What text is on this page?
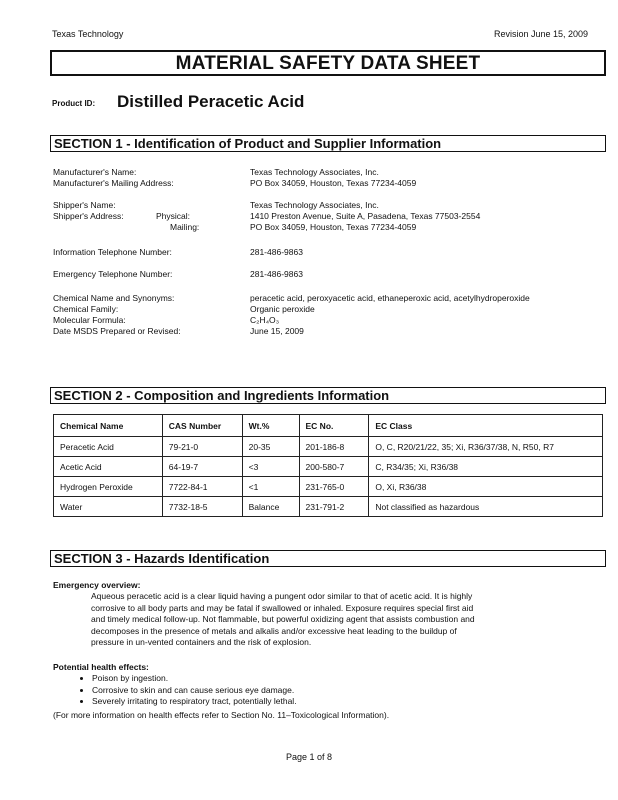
Texas Technology	Revision June 15, 2009
MATERIAL SAFETY DATA SHEET
Product ID: Distilled Peracetic Acid
SECTION 1 - Identification of Product and Supplier Information
Manufacturer's Name:	Texas Technology Associates, Inc.
Manufacturer's Mailing Address:	PO Box 34059, Houston, Texas 77234-4059
Shipper's Name:	Texas Technology Associates, Inc.
Shipper's Address:	Physical:	1410 Preston Avenue, Suite A, Pasadena, Texas 77503-2554
Mailing:	PO Box 34059, Houston, Texas 77234-4059
Information Telephone Number:	281-486-9863
Emergency Telephone Number:	281-486-9863
Chemical Name and Synonyms:	peracetic acid, peroxyacetic acid, ethaneperoxic acid, acetylhydroperoxide
Chemical Family:	Organic peroxide
Molecular Formula:	C₂H₄O₃
Date MSDS Prepared or Revised:	June 15, 2009
SECTION 2 - Composition and Ingredients Information
Chemical Name	CAS Number	Wt.%	EC No.	EC Class
Peracetic Acid	79-21-0	20-35	201-186-8	O, C, R20/21/22, 35; Xi, R36/37/38, N, R50, R7
Acetic Acid	64-19-7	<3	200-580-7	C, R34/35; Xi, R36/38
Hydrogen Peroxide	7722-84-1	<1	231-765-0	O, Xi, R36/38
Water	7732-18-5	Balance	231-791-2	Not classified as hazardous
SECTION 3 - Hazards Identification
Emergency overview:
Aqueous peracetic acid is a clear liquid having a pungent odor similar to that of acetic acid. It is highly
corrosive to all body parts and may be fatal if swallowed or inhaled. Exposure requires special first aid
and timely medical follow-up. Not flammable, but powerful oxidizing agent that assists combustion and
decomposes in the presence of metals and alkalis and/or excessive heat leading to the buildup of
pressure in un-vented containers and the risk of explosion.
Potential health effects:
• Poison by ingestion.
• Corrosive to skin and can cause serious eye damage.
• Severely irritating to respiratory tract, potentially lethal.
(For more information on health effects refer to Section No. 11–Toxicological Information).
Page 1 of 8
